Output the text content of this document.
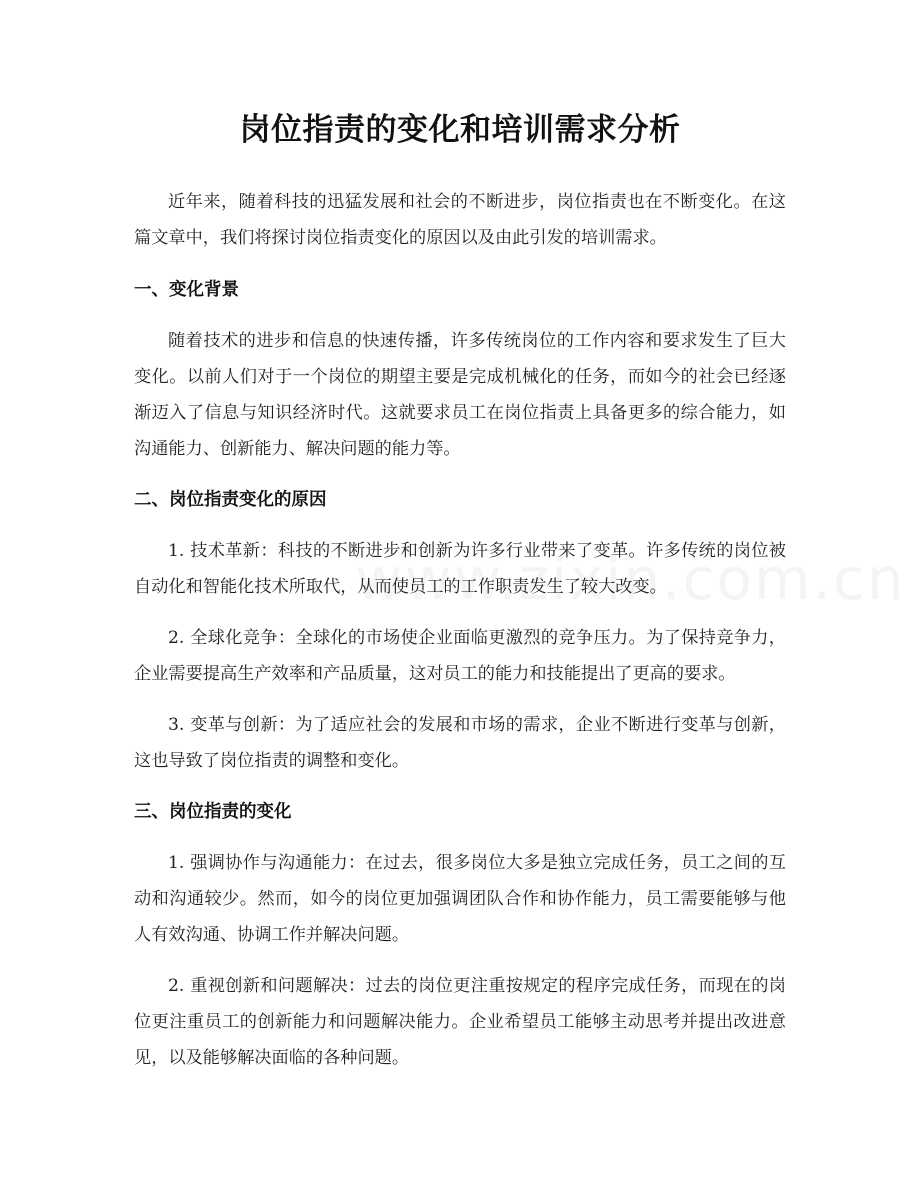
岗位指责的变化和培训需求分析

近年来，随着科技的迅猛发展和社会的不断进步，岗位指责也在不断变化。在这篇文章中，我们将探讨岗位指责变化的原因以及由此引发的培训需求。

一、变化背景

随着技术的进步和信息的快速传播，许多传统岗位的工作内容和要求发生了巨大变化。以前人们对于一个岗位的期望主要是完成机械化的任务，而如今的社会已经逐渐迈入了信息与知识经济时代。这就要求员工在岗位指责上具备更多的综合能力，如沟通能力、创新能力、解决问题的能力等。

二、岗位指责变化的原因

1. 技术革新：科技的不断进步和创新为许多行业带来了变革。许多传统的岗位被自动化和智能化技术所取代，从而使员工的工作职责发生了较大改变。

2. 全球化竞争：全球化的市场使企业面临更激烈的竞争压力。为了保持竞争力，企业需要提高生产效率和产品质量，这对员工的能力和技能提出了更高的要求。

3. 变革与创新：为了适应社会的发展和市场的需求，企业不断进行变革与创新，这也导致了岗位指责的调整和变化。

三、岗位指责的变化

1. 强调协作与沟通能力：在过去，很多岗位大多是独立完成任务，员工之间的互动和沟通较少。然而，如今的岗位更加强调团队合作和协作能力，员工需要能够与他人有效沟通、协调工作并解决问题。

2. 重视创新和问题解决：过去的岗位更注重按规定的程序完成任务，而现在的岗位更注重员工的创新能力和问题解决能力。企业希望员工能够主动思考并提出改进意见，以及能够解决面临的各种问题。
